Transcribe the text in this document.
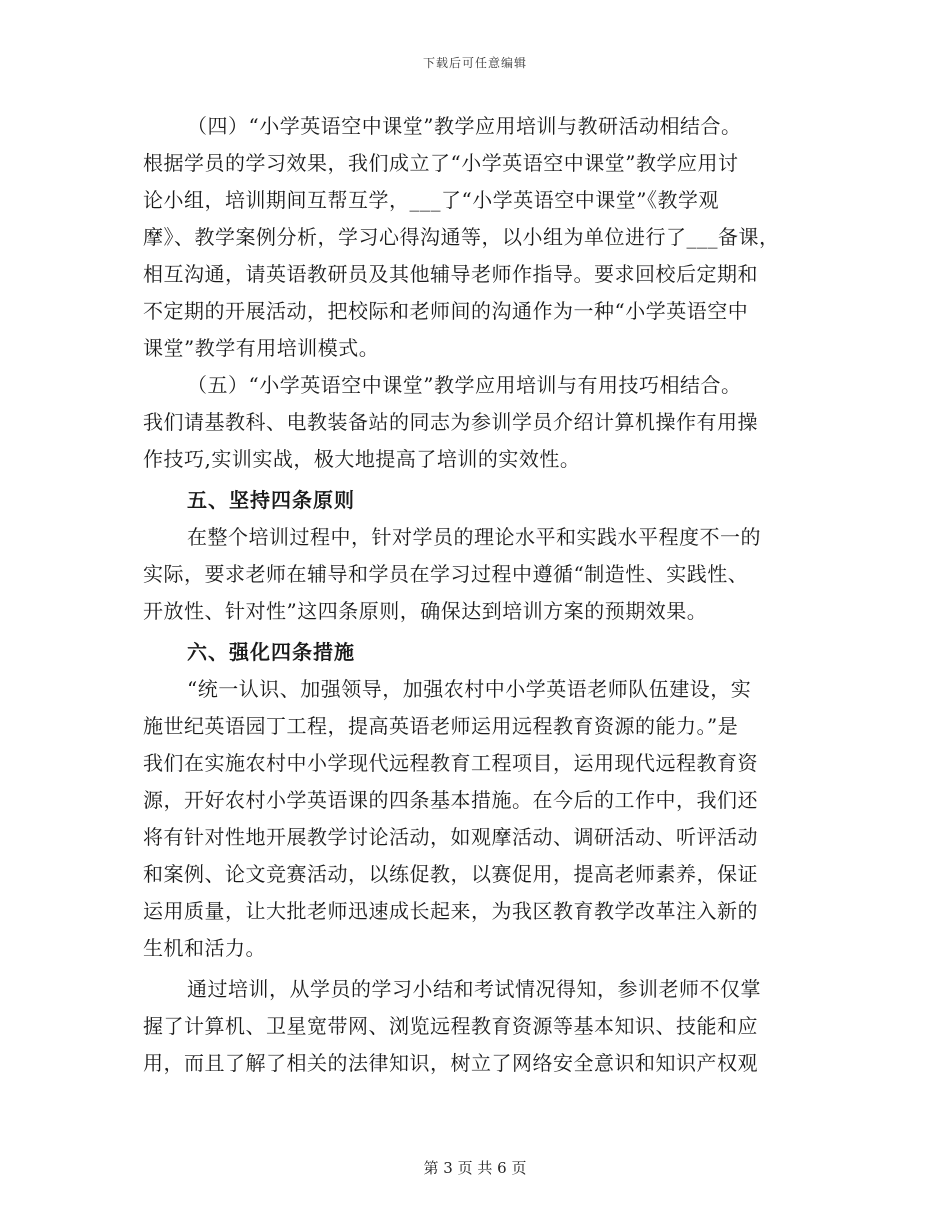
下载后可任意编辑
（四）“小学英语空中课堂”教学应用培训与教研活动相结合。
根据学员的学习效果，我们成立了“小学英语空中课堂”教学应用讨
论小组，培训期间互帮互学，___了“小学英语空中课堂”《教学观
摩》、教学案例分析，学习心得沟通等，以小组为单位进行了___备课，
相互沟通，请英语教研员及其他辅导老师作指导。要求回校后定期和
不定期的开展活动，把校际和老师间的沟通作为一种“小学英语空中
课堂”教学有用培训模式。
（五）“小学英语空中课堂”教学应用培训与有用技巧相结合。
我们请基教科、电教装备站的同志为参训学员介绍计算机操作有用操
作技巧,实训实战，极大地提高了培训的实效性。
五、坚持四条原则
在整个培训过程中，针对学员的理论水平和实践水平程度不一的
实际，要求老师在辅导和学员在学习过程中遵循“制造性、实践性、
开放性、针对性”这四条原则，确保达到培训方案的预期效果。
六、强化四条措施
“统一认识、加强领导，加强农村中小学英语老师队伍建设，实
施世纪英语园丁工程，提高英语老师运用远程教育资源的能力。”是
我们在实施农村中小学现代远程教育工程项目，运用现代远程教育资
源，开好农村小学英语课的四条基本措施。在今后的工作中，我们还
将有针对性地开展教学讨论活动，如观摩活动、调研活动、听评活动
和案例、论文竞赛活动，以练促教，以赛促用，提高老师素养，保证
运用质量，让大批老师迅速成长起来，为我区教育教学改革注入新的
生机和活力。
通过培训，从学员的学习小结和考试情况得知，参训老师不仅掌
握了计算机、卫星宽带网、浏览远程教育资源等基本知识、技能和应
用，而且了解了相关的法律知识，树立了网络安全意识和知识产权观
第 3 页 共 6 页
